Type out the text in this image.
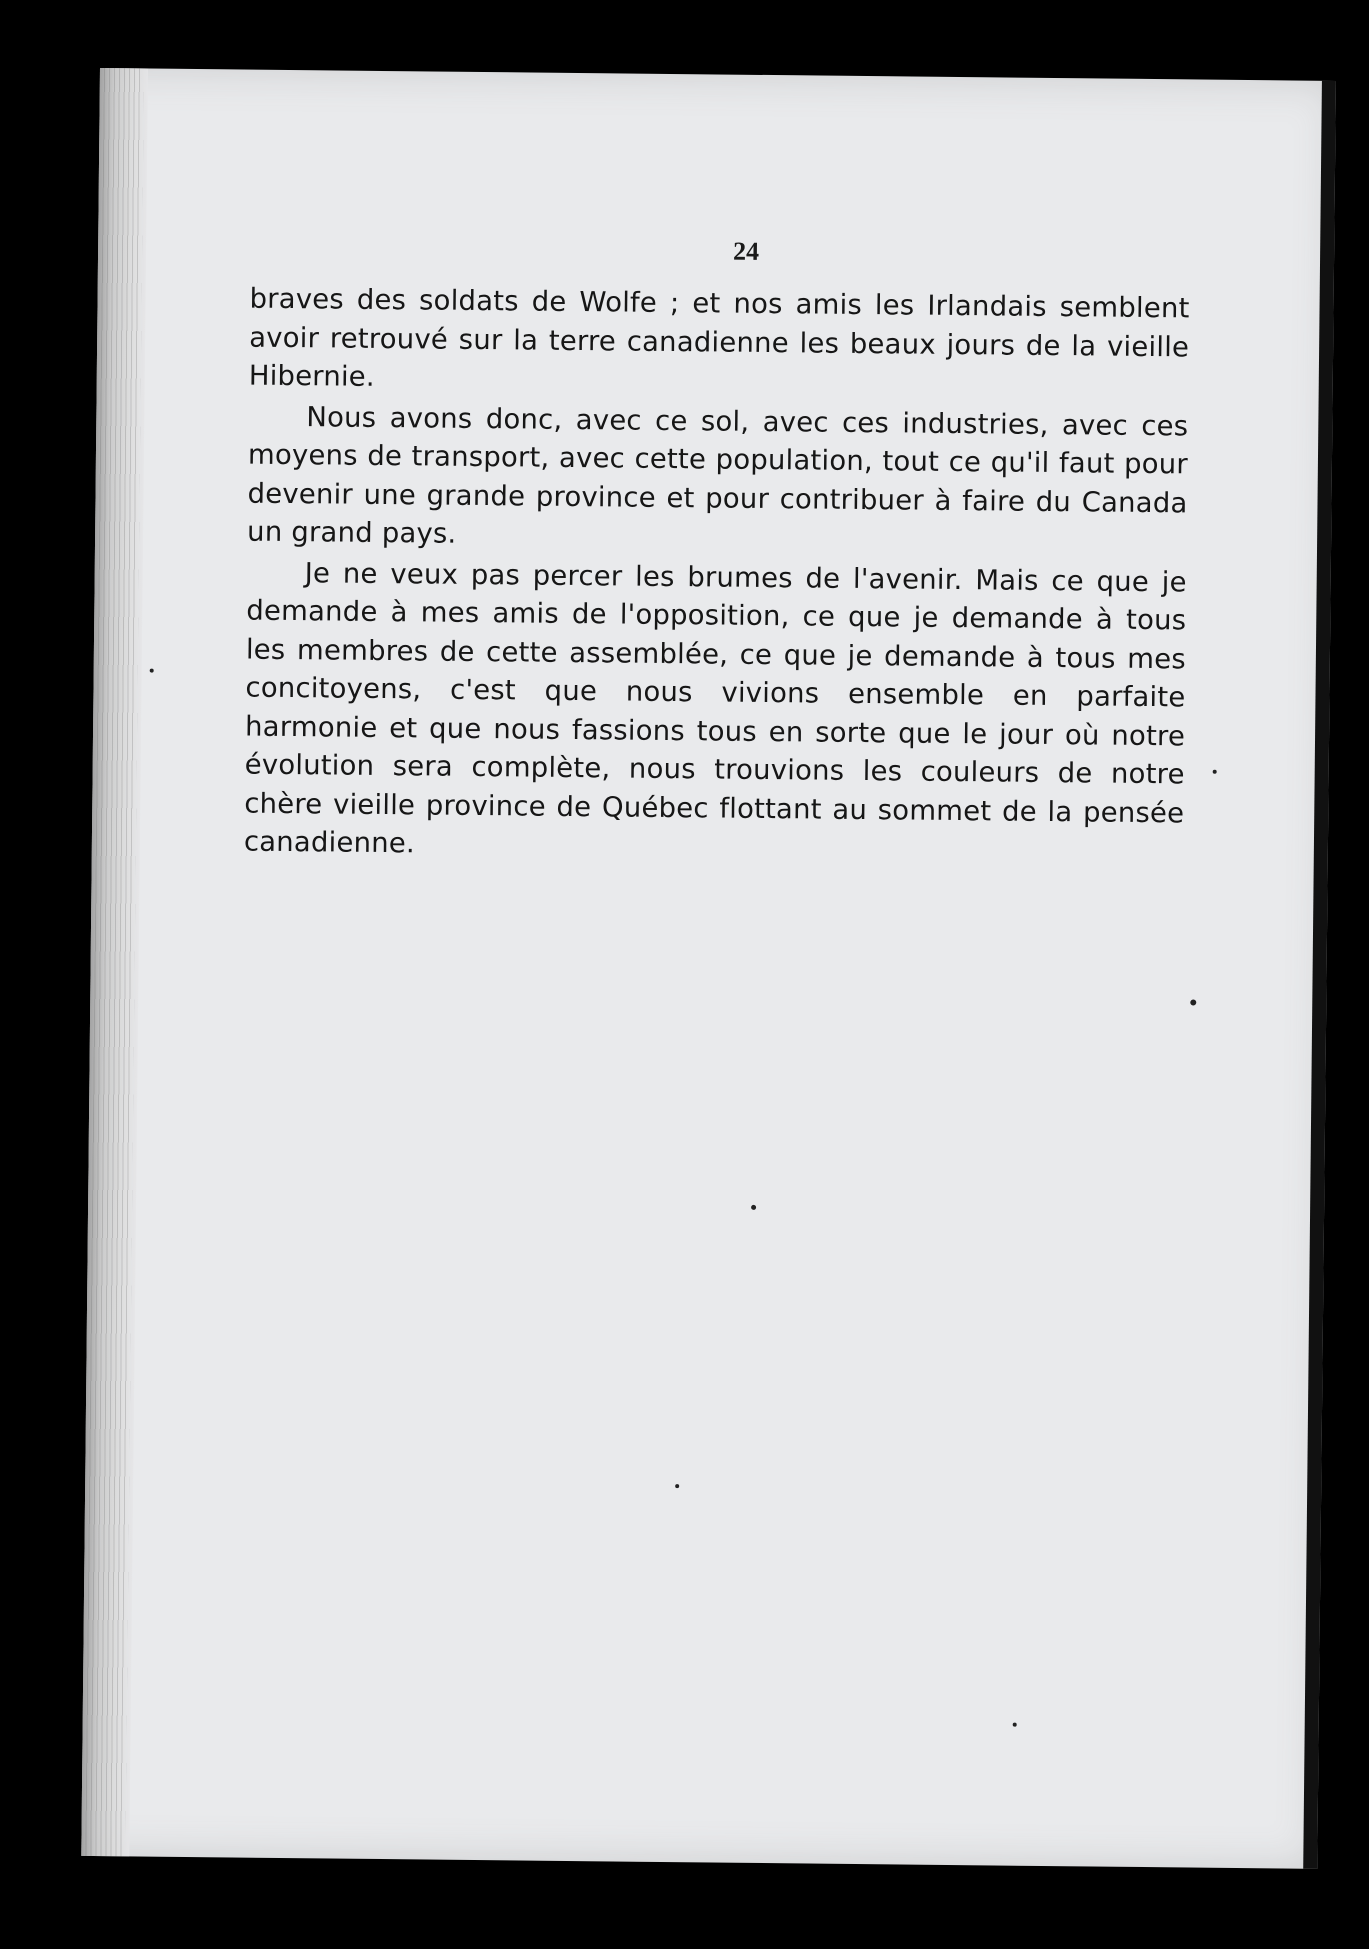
24

braves des soldats de Wolfe ; et nos amis les Irlandais semblent avoir retrouvé sur la terre canadienne les beaux jours de la vieille Hibernie.

Nous avons donc, avec ce sol, avec ces industries, avec ces moyens de transport, avec cette population, tout ce qu'il faut pour devenir une grande province et pour contribuer à faire du Canada un grand pays.

Je ne veux pas percer les brumes de l'avenir. Mais ce que je demande à mes amis de l'opposition, ce que je demande à tous les membres de cette assemblée, ce que je demande à tous mes concitoyens, c'est que nous vivions ensemble en parfaite harmonie et que nous fassions tous en sorte que le jour où notre évolution sera complète, nous trouvions les couleurs de notre chère vieille province de Québec flottant au sommet de la pensée canadienne.
